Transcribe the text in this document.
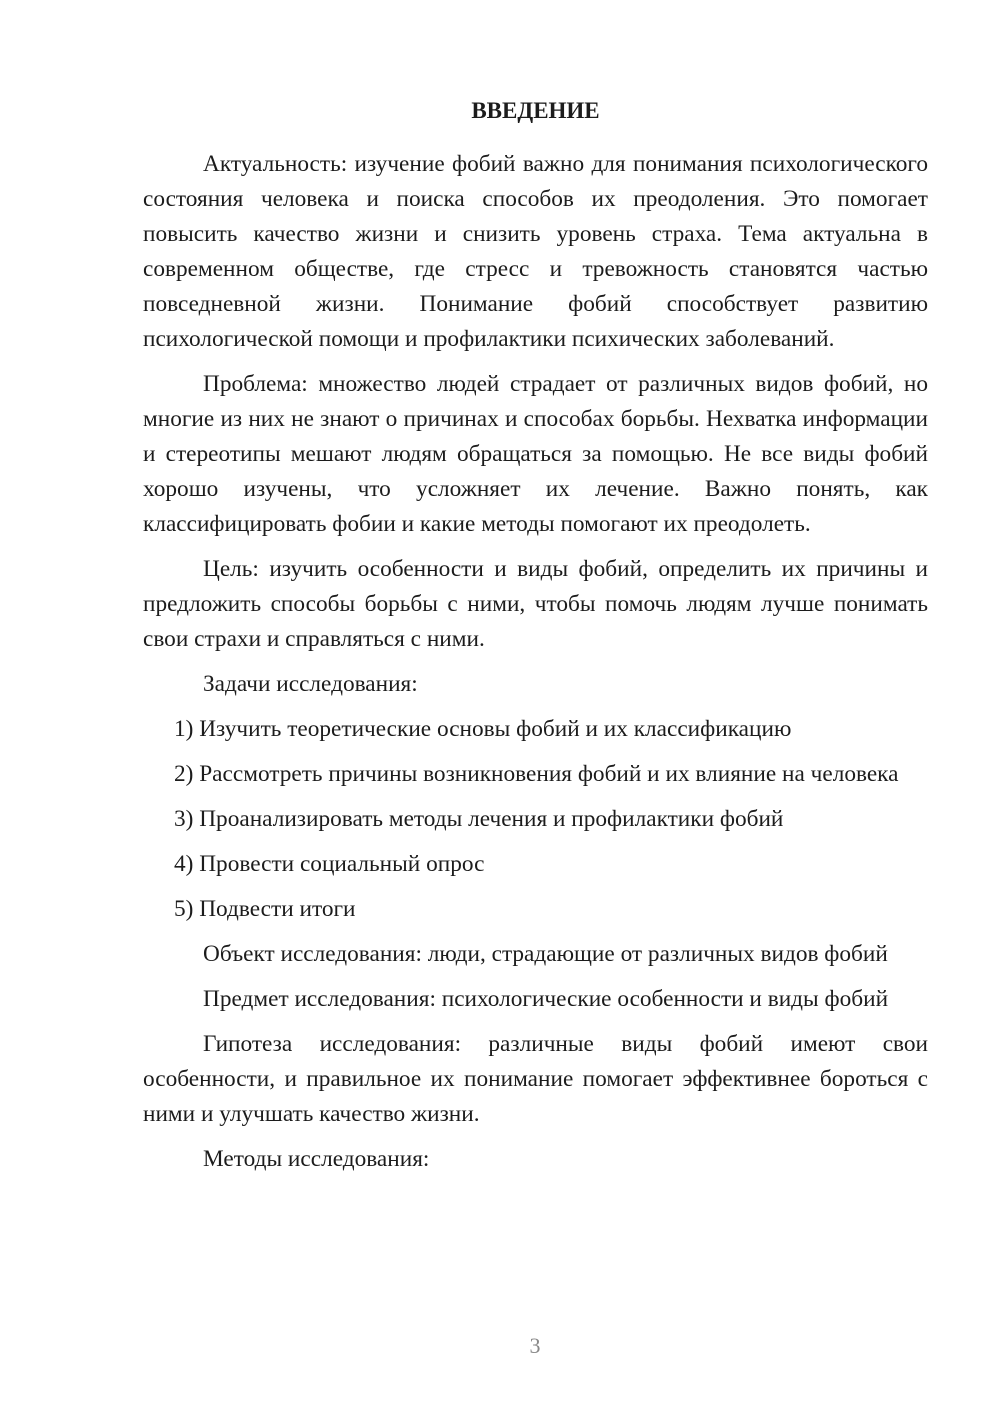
ВВЕДЕНИЕ

Актуальность: изучение фобий важно для понимания психологического состояния человека и поиска способов их преодоления. Это помогает повысить качество жизни и снизить уровень страха. Тема актуальна в современном обществе, где стресс и тревожность становятся частью повседневной жизни. Понимание фобий способствует развитию психологической помощи и профилактики психических заболеваний.

Проблема: множество людей страдает от различных видов фобий, но многие из них не знают о причинах и способах борьбы. Нехватка информации и стереотипы мешают людям обращаться за помощью. Не все виды фобий хорошо изучены, что усложняет их лечение. Важно понять, как классифицировать фобии и какие методы помогают их преодолеть.

Цель: изучить особенности и виды фобий, определить их причины и предложить способы борьбы с ними, чтобы помочь людям лучше понимать свои страхи и справляться с ними.

Задачи исследования:

1) Изучить теоретические основы фобий и их классификацию

2) Рассмотреть причины возникновения фобий и их влияние на человека

3) Проанализировать методы лечения и профилактики фобий

4) Провести социальный опрос

5) Подвести итоги

Объект исследования: люди, страдающие от различных видов фобий

Предмет исследования: психологические особенности и виды фобий

Гипотеза исследования: различные виды фобий имеют свои особенности, и правильное их понимание помогает эффективнее бороться с ними и улучшать качество жизни.

Методы исследования:

3
